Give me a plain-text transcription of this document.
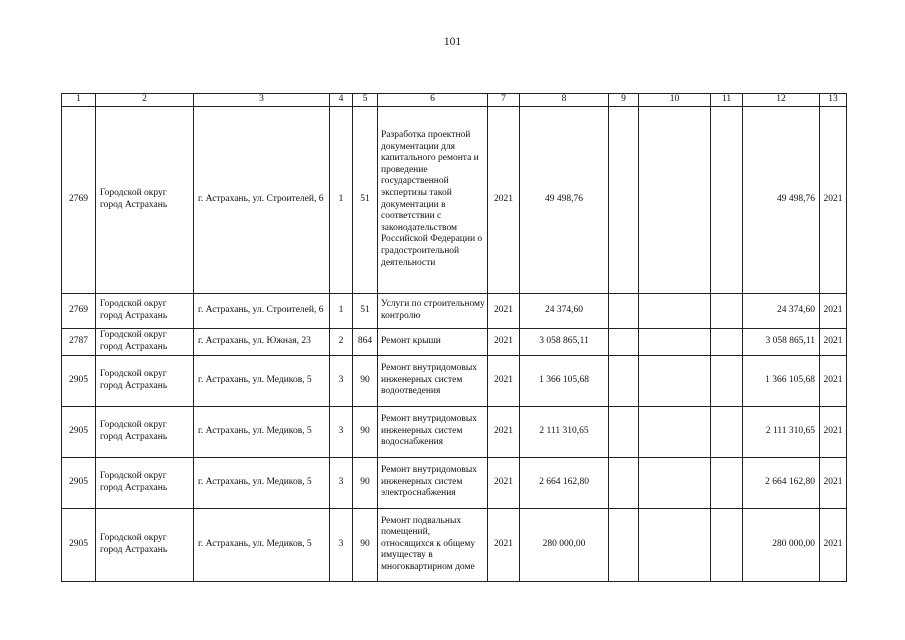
101
1	2	3	4	5	6	7	8	9	10	11	12	13
2769	Городской округ город Астрахань	г. Астрахань, ул. Строителей, 6	1	51	Разработка проектной документации для капитального ремонта и проведение государственной экспертизы такой документации в соответствии с законодательством Российской Федерации о градостроительной деятельности	2021	49 498,76				49 498,76	2021
2769	Городской округ город Астрахань	г. Астрахань, ул. Строителей, 6	1	51	Услуги по строительному контролю	2021	24 374,60				24 374,60	2021
2787	Городской округ город Астрахань	г. Астрахань, ул. Южная, 23	2	864	Ремонт крыши	2021	3 058 865,11				3 058 865,11	2021
2905	Городской округ город Астрахань	г. Астрахань, ул. Медиков, 5	3	90	Ремонт внутридомовых инженерных систем водоотведения	2021	1 366 105,68				1 366 105,68	2021
2905	Городской округ город Астрахань	г. Астрахань, ул. Медиков, 5	3	90	Ремонт внутридомовых инженерных систем водоснабжения	2021	2 111 310,65				2 111 310,65	2021
2905	Городской округ город Астрахань	г. Астрахань, ул. Медиков, 5	3	90	Ремонт внутридомовых инженерных систем электроснабжения	2021	2 664 162,80				2 664 162,80	2021
2905	Городской округ город Астрахань	г. Астрахань, ул. Медиков, 5	3	90	Ремонт подвальных помещений, относящихся к общему имуществу в многоквартирном доме	2021	280 000,00				280 000,00	2021
